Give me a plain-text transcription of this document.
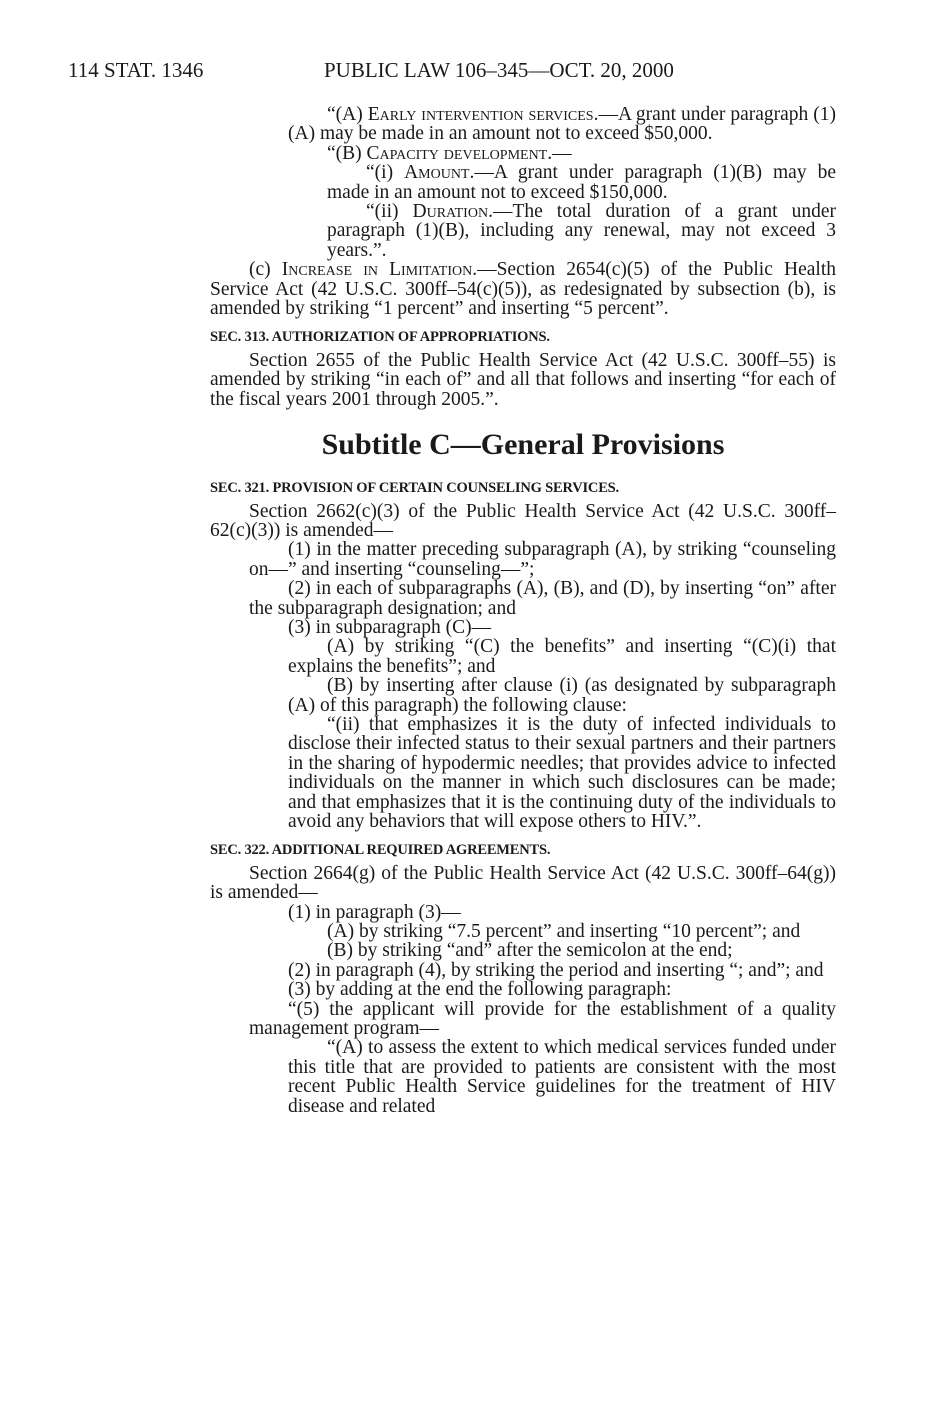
114 STAT. 1346	PUBLIC LAW 106–345—OCT. 20, 2000

“(A) Early intervention services.—A grant under paragraph (1)(A) may be made in an amount not to exceed $50,000.

“(B) Capacity development.—

“(i) Amount.—A grant under paragraph (1)(B) may be made in an amount not to exceed $150,000.

“(ii) Duration.—The total duration of a grant under paragraph (1)(B), including any renewal, may not exceed 3 years.”.

(c) Increase in Limitation.—Section 2654(c)(5) of the Public Health Service Act (42 U.S.C. 300ff–54(c)(5)), as redesignated by subsection (b), is amended by striking “1 percent” and inserting “5 percent”.

SEC. 313. AUTHORIZATION OF APPROPRIATIONS.

Section 2655 of the Public Health Service Act (42 U.S.C. 300ff–55) is amended by striking “in each of” and all that follows and inserting “for each of the fiscal years 2001 through 2005.”.

Subtitle C—General Provisions

SEC. 321. PROVISION OF CERTAIN COUNSELING SERVICES.

Section 2662(c)(3) of the Public Health Service Act (42 U.S.C. 300ff–62(c)(3)) is amended—

(1) in the matter preceding subparagraph (A), by striking “counseling on—” and inserting “counseling—”;

(2) in each of subparagraphs (A), (B), and (D), by inserting “on” after the subparagraph designation; and

(3) in subparagraph (C)—

(A) by striking “(C) the benefits” and inserting “(C)(i) that explains the benefits”; and

(B) by inserting after clause (i) (as designated by subparagraph (A) of this paragraph) the following clause:

“(ii) that emphasizes it is the duty of infected individuals to disclose their infected status to their sexual partners and their partners in the sharing of hypodermic needles; that provides advice to infected individuals on the manner in which such disclosures can be made; and that emphasizes that it is the continuing duty of the individuals to avoid any behaviors that will expose others to HIV.”.

SEC. 322. ADDITIONAL REQUIRED AGREEMENTS.

Section 2664(g) of the Public Health Service Act (42 U.S.C. 300ff–64(g)) is amended—

(1) in paragraph (3)—

(A) by striking “7.5 percent” and inserting “10 percent”; and

(B) by striking “and” after the semicolon at the end;

(2) in paragraph (4), by striking the period and inserting “; and”; and

(3) by adding at the end the following paragraph:

“(5) the applicant will provide for the establishment of a quality management program—

“(A) to assess the extent to which medical services funded under this title that are provided to patients are consistent with the most recent Public Health Service guidelines for the treatment of HIV disease and related
